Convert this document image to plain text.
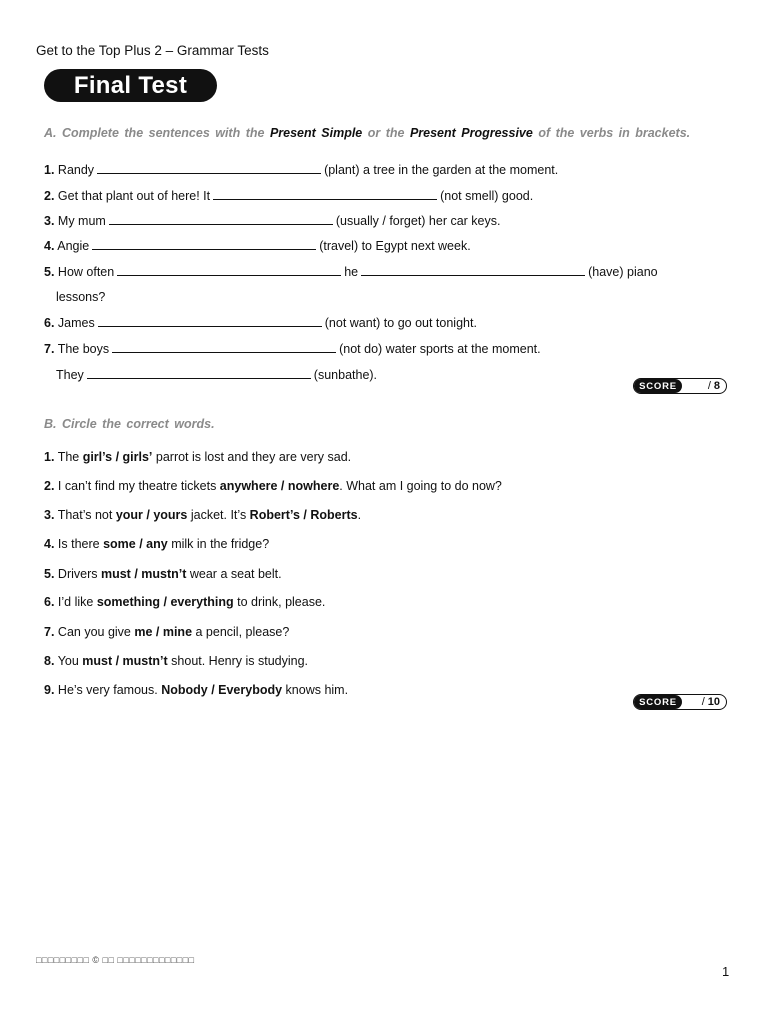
Get to the Top Plus 2 – Grammar Tests
Final Test
A. Complete the sentences with the Present Simple or the Present Progressive of the verbs in brackets.
1. Randy	(plant) a tree in the garden at the moment.
2. Get that plant out of here! It	(not smell) good.
3. My mum	(usually / forget) her car keys.
4. Angie	(travel) to Egypt next week.
5. How often	he	(have) piano
lessons?
6. James	(not want) to go out tonight.
7. The boys	(not do) water sports at the moment.
They	(sunbathe).
SCORE	/ 8
B. Circle the correct words.
1. The girl’s / girls’ parrot is lost and they are very sad.
2. I can’t find my theatre tickets anywhere / nowhere. What am I going to do now?
3. That’s not your / yours jacket. It’s Robert’s / Roberts.
4. Is there some / any milk in the fridge?
5. Drivers must / mustn’t wear a seat belt.
6. I’d like something / everything to drink, please.
7. Can you give me / mine a pencil, please?
8. You must / mustn’t shout. Henry is studying.
9. He’s very famous. Nobody / Everybody knows him.
SCORE	/ 10
□□□□□□□□□ © □□ □□□□□□□□□□□□□
1
